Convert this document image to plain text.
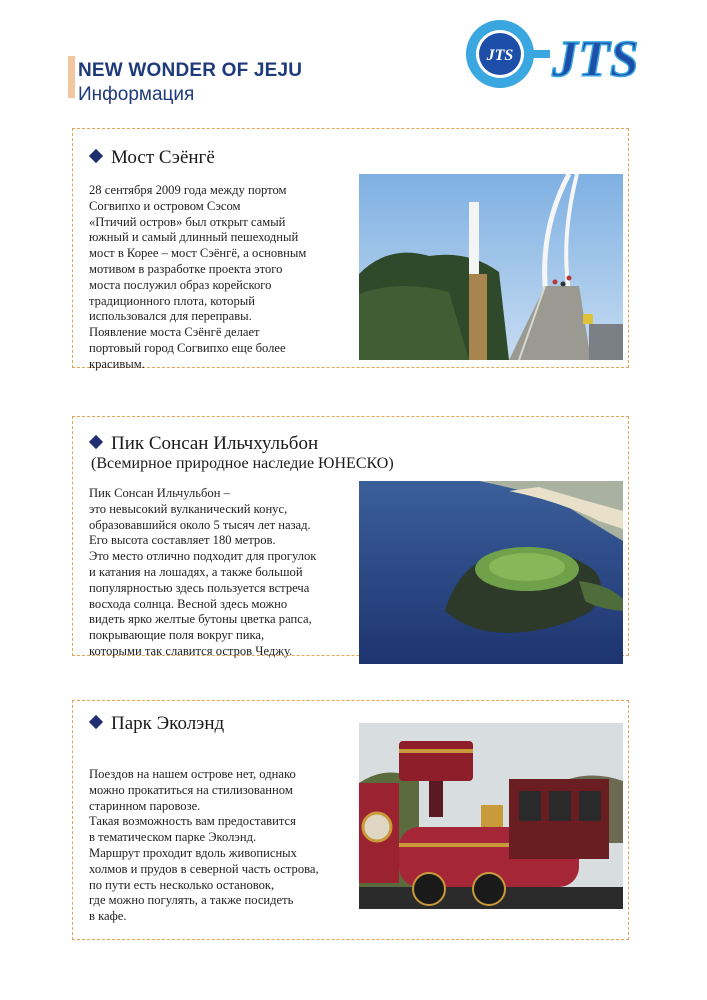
NEW WONDER OF JEJU
Информация
JTS JTS
Мост Сэёнгё

28 сентября 2009 года между портом
Согвипхо и островом Сэсом
«Птичий остров» был открыт самый
южный и самый длинный пешеходный
мост в Корее – мост Сэёнгё, а основным
мотивом в разработке проекта этого
моста послужил образ корейского
традиционного плота, который
использовался для переправы.
Появление моста Сэёнгё делает
портовый город Согвипхо еще более
красивым.

Пик Сонсан Ильчхульбон
(Всемирное природное наследие ЮНЕСКО)

Пик Сонсан Ильчульбон –
это невысокий вулканический конус,
образовавшийся около 5 тысяч лет назад.
Его высота составляет 180 метров.
Это место отлично подходит для прогулок
и катания на лошадях, а также большой
популярностью здесь пользуется встреча
восхода солнца. Весной здесь можно
видеть ярко желтые бутоны цветка рапса,
покрывающие поля вокруг пика,
которыми так славится остров Чеджу.

Парк Эколэнд

Поездов на нашем острове нет, однако
можно прокатиться на стилизованном
старинном паровозе.
Такая возможность вам предоставится
в тематическом парке Эколэнд.
Маршрут проходит вдоль живописных
холмов и прудов в северной часть острова,
по пути есть несколько остановок,
где можно погулять, а также посидеть
в кафе.
